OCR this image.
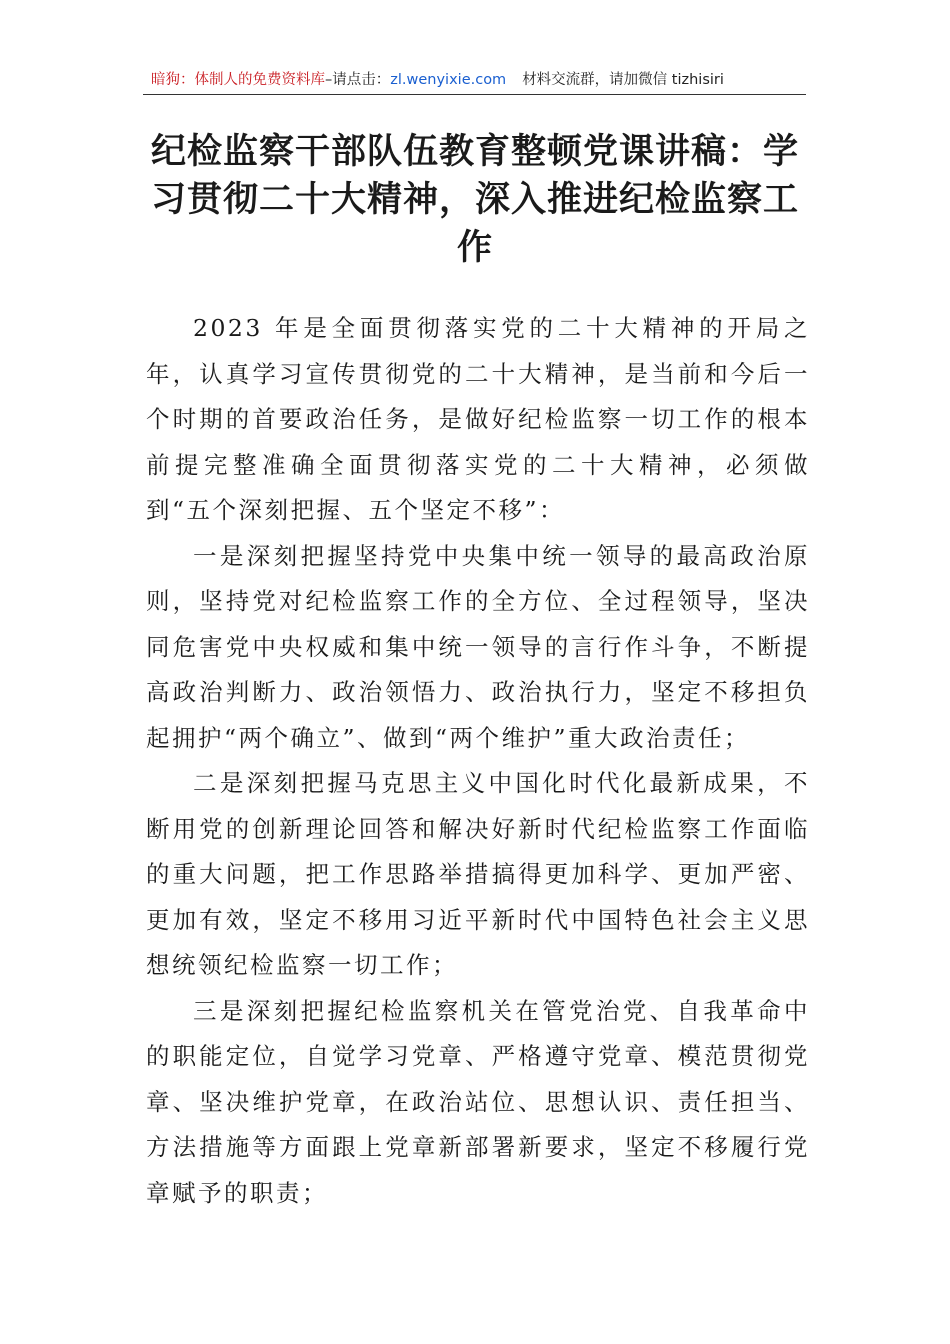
暗狗：体制人的免费资料库–请点击：zl.wenyixie.com 材料交流群，请加微信 tizhisiri
纪检监察干部队伍教育整顿党课讲稿：学习贯彻二十大精神，深入推进纪检监察工作

2023 年是全面贯彻落实党的二十大精神的开局之年，认真学习宣传贯彻党的二十大精神，是当前和今后一个时期的首要政治任务，是做好纪检监察一切工作的根本前提完整准确全面贯彻落实党的二十大精神，必须做到“五个深刻把握、五个坚定不移”：

一是深刻把握坚持党中央集中统一领导的最高政治原则，坚持党对纪检监察工作的全方位、全过程领导，坚决同危害党中央权威和集中统一领导的言行作斗争，不断提高政治判断力、政治领悟力、政治执行力，坚定不移担负起拥护“两个确立”、做到“两个维护”重大政治责任；

二是深刻把握马克思主义中国化时代化最新成果，不断用党的创新理论回答和解决好新时代纪检监察工作面临的重大问题，把工作思路举措搞得更加科学、更加严密、更加有效，坚定不移用习近平新时代中国特色社会主义思想统领纪检监察一切工作；

三是深刻把握纪检监察机关在管党治党、自我革命中的职能定位，自觉学习党章、严格遵守党章、模范贯彻党章、坚决维护党章，在政治站位、思想认识、责任担当、方法措施等方面跟上党章新部署新要求，坚定不移履行党章赋予的职责；
